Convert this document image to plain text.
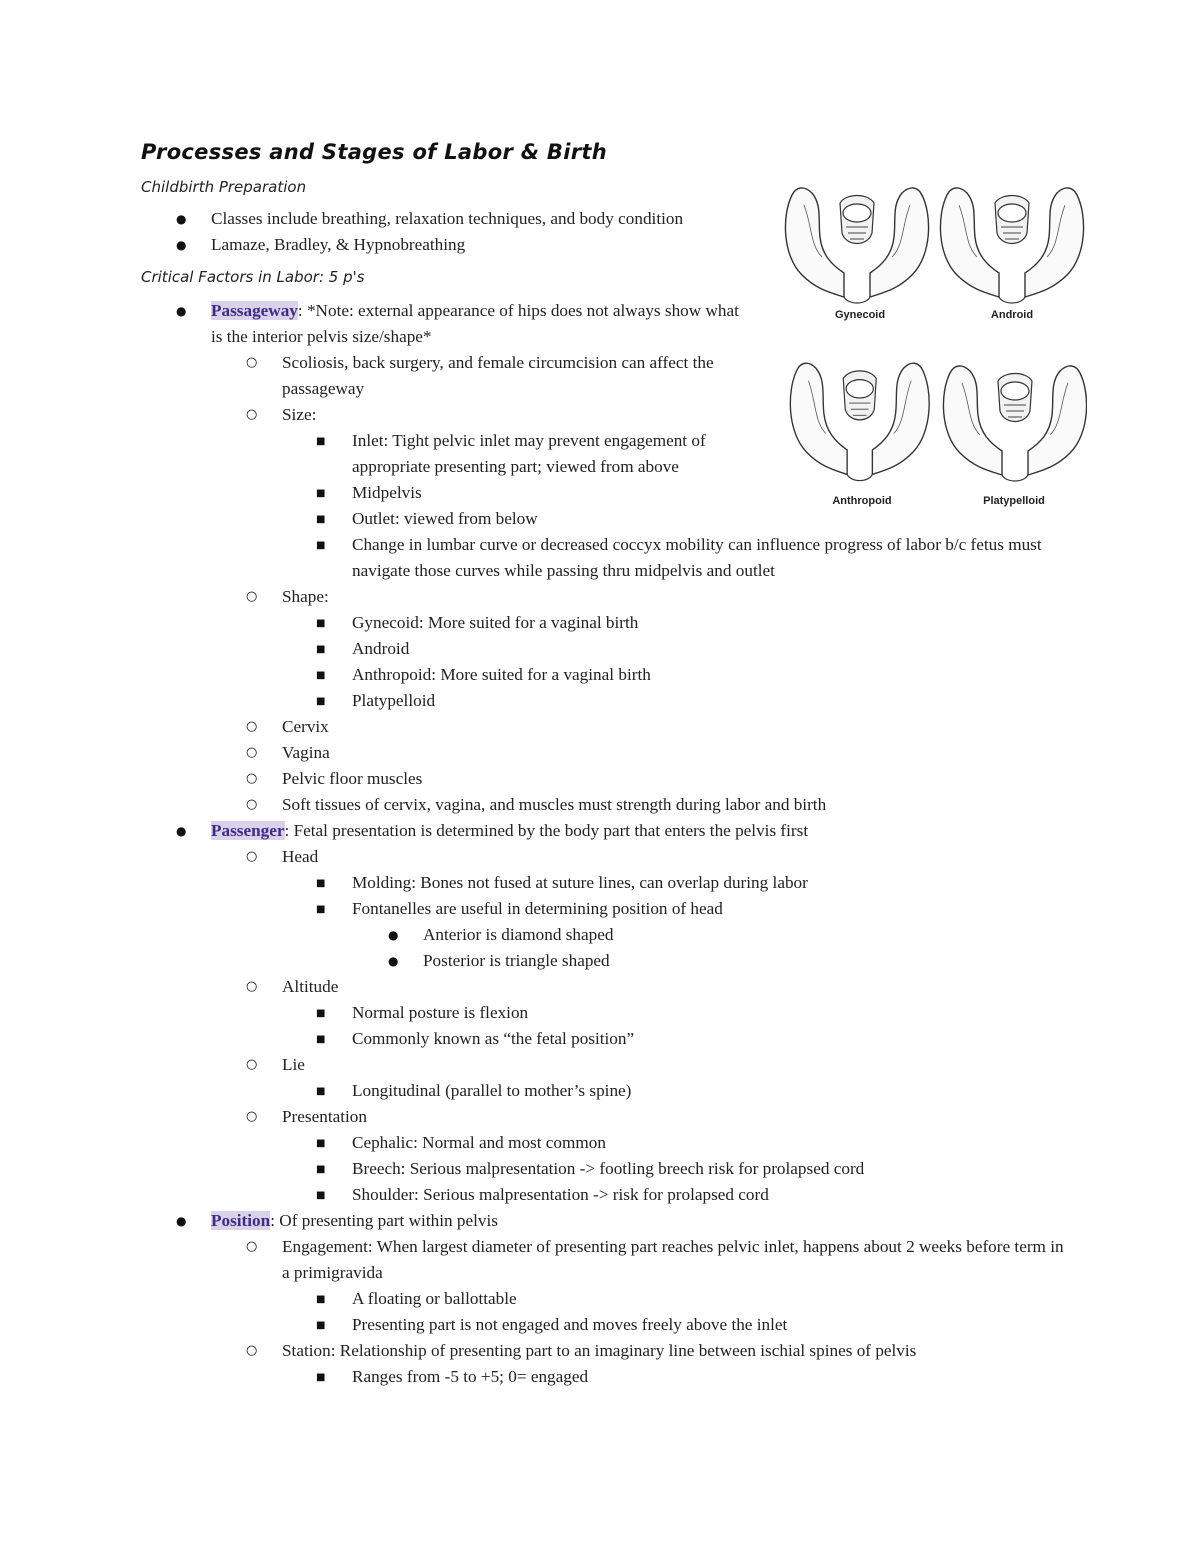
Processes and Stages of Labor & Birth

Childbirth Preparation

● Classes include breathing, relaxation techniques, and body condition
● Lamaze, Bradley, & Hypnobreathing

Critical Factors in Labor: 5 p's

● Passageway: *Note: external appearance of hips does not always show what is the interior pelvis size/shape*
○ Scoliosis, back surgery, and female circumcision can affect the passageway
○ Size:
■ Inlet: Tight pelvic inlet may prevent engagement of appropriate presenting part; viewed from above
■ Midpelvis
■ Outlet: viewed from below
■ Change in lumbar curve or decreased coccyx mobility can influence progress of labor b/c fetus must navigate those curves while passing thru midpelvis and outlet
○ Shape:
■ Gynecoid: More suited for a vaginal birth
■ Android
■ Anthropoid: More suited for a vaginal birth
■ Platypelloid
○ Cervix
○ Vagina
○ Pelvic floor muscles
○ Soft tissues of cervix, vagina, and muscles must strength during labor and birth
● Passenger: Fetal presentation is determined by the body part that enters the pelvis first
○ Head
■ Molding: Bones not fused at suture lines, can overlap during labor
■ Fontanelles are useful in determining position of head
● Anterior is diamond shaped
● Posterior is triangle shaped
○ Altitude
■ Normal posture is flexion
■ Commonly known as “the fetal position”
○ Lie
■ Longitudinal (parallel to mother’s spine)
○ Presentation
■ Cephalic: Normal and most common
■ Breech: Serious malpresentation -> footling breech risk for prolapsed cord
■ Shoulder: Serious malpresentation -> risk for prolapsed cord
● Position: Of presenting part within pelvis
○ Engagement: When largest diameter of presenting part reaches pelvic inlet, happens about 2 weeks before term in a primigravida
■ A floating or ballottable
■ Presenting part is not engaged and moves freely above the inlet
○ Station: Relationship of presenting part to an imaginary line between ischial spines of pelvis
■ Ranges from -5 to +5; 0= engaged
Gynecoid	Android
Anthropoid	Platypelloid
